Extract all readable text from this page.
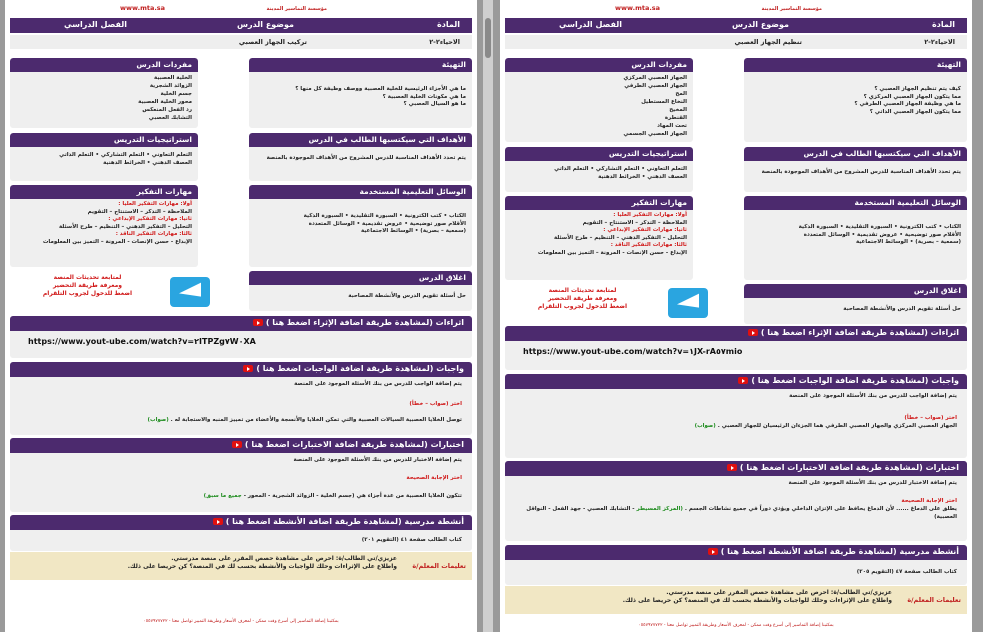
مؤسسة التماسير المدينة
www.mta.sa
المادة
موضوع الدرس
الفصل الدراسي
الاحياء٢-٢
تركيب الجهاز العصبي
التهيئة
ما هي الأجزاء الرئيسية للخلية العصبية ووصف وظيفة كل منها ؟
ما هي مكونات الخلية العصبية ؟
ما هو السيال العصبي ؟
مفردات الدرس
الخلية العصبية
الزوائد الشجرية
جسم الخلية
محور الخلية العصبية
رد الفعل المنعكس
التشابك العصبي
الأهداف التي سيكتسبها الطالب في الدرس
يتم تحدد الأهداف المناسبة للدرس المشروح من الأهداف الموجودة بالمنصة
استراتيجيات التدريس
التعلم التعاوني • التعلم التشاركي • التعلم الذاتي
العصف الذهني • الخرائط الذهنية
الوسائل التعليمية المستخدمة
الكتاب • كتب الكترونية • السبورة التقليدية • السبورة الذكية
الأقلام صور توضيحية • عروض تقديمية • الوسائل المتعددة
(سمعية – بصرية) • الوسائط الاجتماعية
مهارات التفكير
أولا: مهارات التفكير العليا :
الملاحظة – التذكر – الاستنتاج – التقويم
ثانيا: مهارات التفكير الإبداعي :
التحليل – التفكير الذهني – التنظيم – طرح الأسئلة
ثالثا: مهارات التفكير الناقد :
الإبداع - حسن الإنصات - المرونة – التميز بين المعلومات
اغلاق الدرس
حل أسئلة تقويم الدرس والأنشطة المصاحبة
لمتابعة تحديثات المنصة
ومعرفة طريقة التحضير
اضغط للدخول لجروب التلقرام
اثراءات (لمشاهدة طريقة اضافة الإثراء اضغط هنا )
https://www.yout-ube.com/watch?v=٢ITPZg٧W٠XA
واجبات (لمشاهدة طريقة اضافة الواجبات اضغط هنا )
يتم إضافة الواجب للدرس من بنك الأسئلة الموجود على المنصة
اختر (صواب – خطأ)
توصل الخلايا العصبية السيالات العصبية والتي تمكن الخلايا والأنسجة والأعضاء من تمييز المنبه والاستجابة له . (صواب)
اختبارات (لمشاهدة طريقة اضافة الاختبارات اضغط هنا )
يتم إضافة الاختبار للدرس من بنك الأسئلة الموجود على المنصة
اختر الإجابة الصحيحة
تتكون الخلايا العصبية من عدة أجزاء هي (جسم الخلية - الزوائد الشجرية - المحور - جميع ما سبق)
أنشطة مدرسية (لمشاهدة طريقة اضافة الأنشطة اضغط هنا )
كتاب الطالب صفحة ٤١ (التقويم ٢٠١)
تعليمات المعلم/ة
عزيزي/تي الطالب/ة: احرص على مشاهدة حصص المقرر على منصة مدرستي.
واطلاع على الإثراءات وحلك للواجبات والأنشطة بحسب لك في المنصة؟ كن حريصا على ذلك.
بمكتبنا إضافة التماسير إلى أسرع وقت ممكن - لمعرف الأسعار وطريقة التمييز تواصل معنا - ٠٥٥٧٩٧٧٧٢٢
مؤسسة التماسير المدينة
www.mta.sa
المادة
موضوع الدرس
الفصل الدراسي
الاحياء٢-٢
تنظيم الجهاز العصبي
التهيئة
كيف يتم تنظيم الجهاز العصبي ؟
مما يتكون الجهاز العصبي المركزي ؟
ما هي وظيفة الجهاز العصبي الطرفي ؟
مما يتكون الجهاز العصبي الذاتي ؟
مفردات الدرس
الجهاز العصبي المركزي
الجهاز العصبي الطرفي
المخ
النخاع المستطيل
المخيخ
القنطرة
تحت المهاد
الجهاز العصبي الجسمي
الأهداف التي سيكتسبها الطالب في الدرس
يتم تحدد الأهداف المناسبة للدرس المشروح من الأهداف الموجودة بالمنصة
استراتيجيات التدريس
التعلم التعاوني • التعلم التشاركي • التعلم الذاتي
العصف الذهني • الخرائط الذهنية
الوسائل التعليمية المستخدمة
الكتاب • كتب الكترونية • السبورة التقليدية • السبورة الذكية
الأقلام صور توضيحية • عروض تقديمية • الوسائل المتعددة
(سمعية – بصرية) • الوسائط الاجتماعية
مهارات التفكير
أولا: مهارات التفكير العليا :
الملاحظة – التذكر – الاستنتاج – التقويم
ثانيا: مهارات التفكير الإبداعي :
التحليل – التفكير الذهني – التنظيم – طرح الأسئلة
ثالثا: مهارات التفكير الناقد :
الإبداع - حسن الإنصات - المرونة – التميز بين المعلومات
اغلاق الدرس
حل أسئلة تقويم الدرس والأنشطة المصاحبة
لمتابعة تحديثات المنصة
ومعرفة طريقة التحضير
اضغط للدخول لجروب التلقرام
اثراءات (لمشاهدة طريقة اضافة الإثراء اضغط هنا )
https://www.yout-ube.com/watch?v=١JX-rA٥٧mio
واجبات (لمشاهدة طريقة اضافة الواجبات اضغط هنا )
يتم إضافة الواجب للدرس من بنك الأسئلة الموجود على المنصة
اختر (صواب – خطأ)
الجهاز العصبي المركزي والجهاز العصبي الطرفي هما الجزءان الرئيسيان للجهاز العصبي . (صواب)
اختبارات (لمشاهدة طريقة اضافة الاختبارات اضغط هنا )
يتم إضافة الاختبار للدرس من بنك الأسئلة الموجود على المنصة
اختر الإجابة الصحيحة
يطلق على الدماغ ...... لأن الدماغ يحافظ على الإتزان الداخلي ويؤدي دوراً في جميع نشاطات الجسم . (المركز المسيطر - التشابك العصبي - جهد الفعل - النواقل العصبية)
أنشطة مدرسية (لمشاهدة طريقة اضافة الأنشطة اضغط هنا )
كتاب الطالب صفحة ٤٧ (التقويم ٢٠٥)
تعليمات المعلم/ة
عزيزي/تي الطالب/ة: احرص على مشاهدة حصص المقرر على منصة مدرستي.
واطلاع على الإثراءات وحلك للواجبات والأنشطة بحسب لك في المنصة؟ كن حريصا على ذلك.
بمكتبنا إضافة التماسير إلى أسرع وقت ممكن - لمعرف الأسعار وطريقة التمييز تواصل معنا - ٠٥٥٧٩٧٧٧٢٢
